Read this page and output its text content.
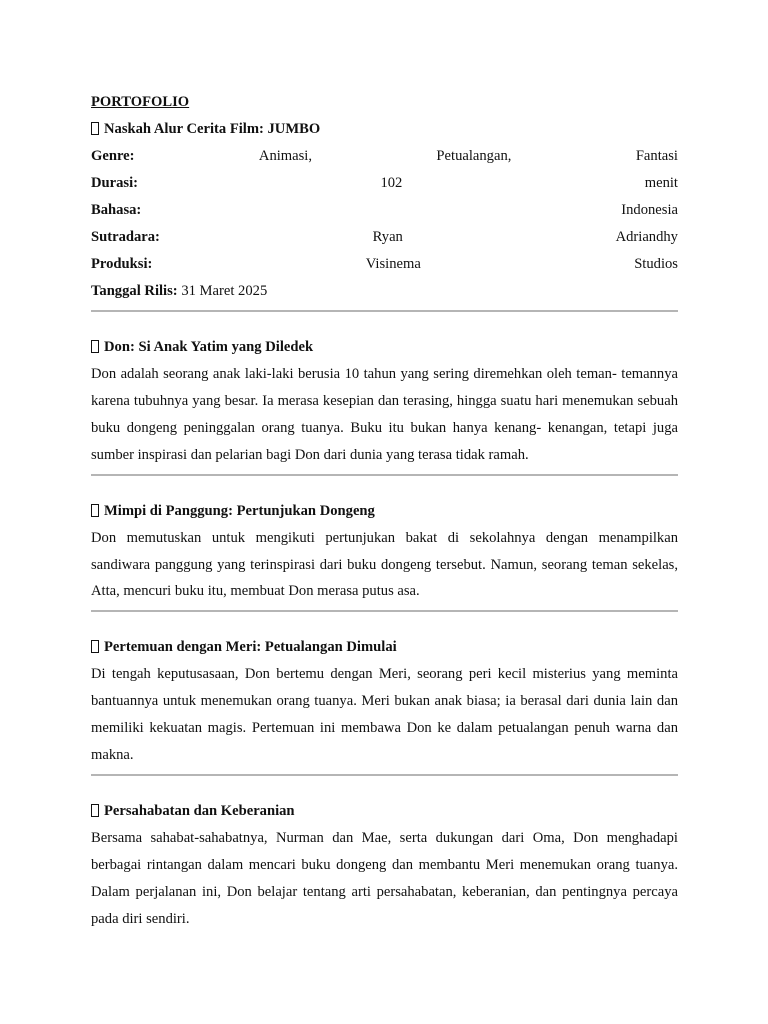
PORTOFOLIO
Naskah Alur Cerita Film: JUMBO
Genre:	Animasi,	Petualangan,	Fantasi
Durasi:	102	menit
Bahasa:	Indonesia
Sutradara:	Ryan	Adriandhy
Produksi:	Visinema	Studios
Tanggal Rilis: 31 Maret 2025
Don: Si Anak Yatim yang Diledek

Don adalah seorang anak laki-laki berusia 10 tahun yang sering diremehkan oleh teman- temannya karena tubuhnya yang besar. Ia merasa kesepian dan terasing, hingga suatu hari menemukan sebuah buku dongeng peninggalan orang tuanya. Buku itu bukan hanya kenang- kenangan, tetapi juga sumber inspirasi dan pelarian bagi Don dari dunia yang terasa tidak ramah.

Mimpi di Panggung: Pertunjukan Dongeng

Don memutuskan untuk mengikuti pertunjukan bakat di sekolahnya dengan menampilkan sandiwara panggung yang terinspirasi dari buku dongeng tersebut. Namun, seorang teman sekelas, Atta, mencuri buku itu, membuat Don merasa putus asa.

Pertemuan dengan Meri: Petualangan Dimulai

Di tengah keputusasaan, Don bertemu dengan Meri, seorang peri kecil misterius yang meminta bantuannya untuk menemukan orang tuanya. Meri bukan anak biasa; ia berasal dari dunia lain dan memiliki kekuatan magis. Pertemuan ini membawa Don ke dalam petualangan penuh warna dan makna.

Persahabatan dan Keberanian

Bersama sahabat-sahabatnya, Nurman dan Mae, serta dukungan dari Oma, Don menghadapi berbagai rintangan dalam mencari buku dongeng dan membantu Meri menemukan orang tuanya. Dalam perjalanan ini, Don belajar tentang arti persahabatan, keberanian, dan pentingnya percaya pada diri sendiri.
